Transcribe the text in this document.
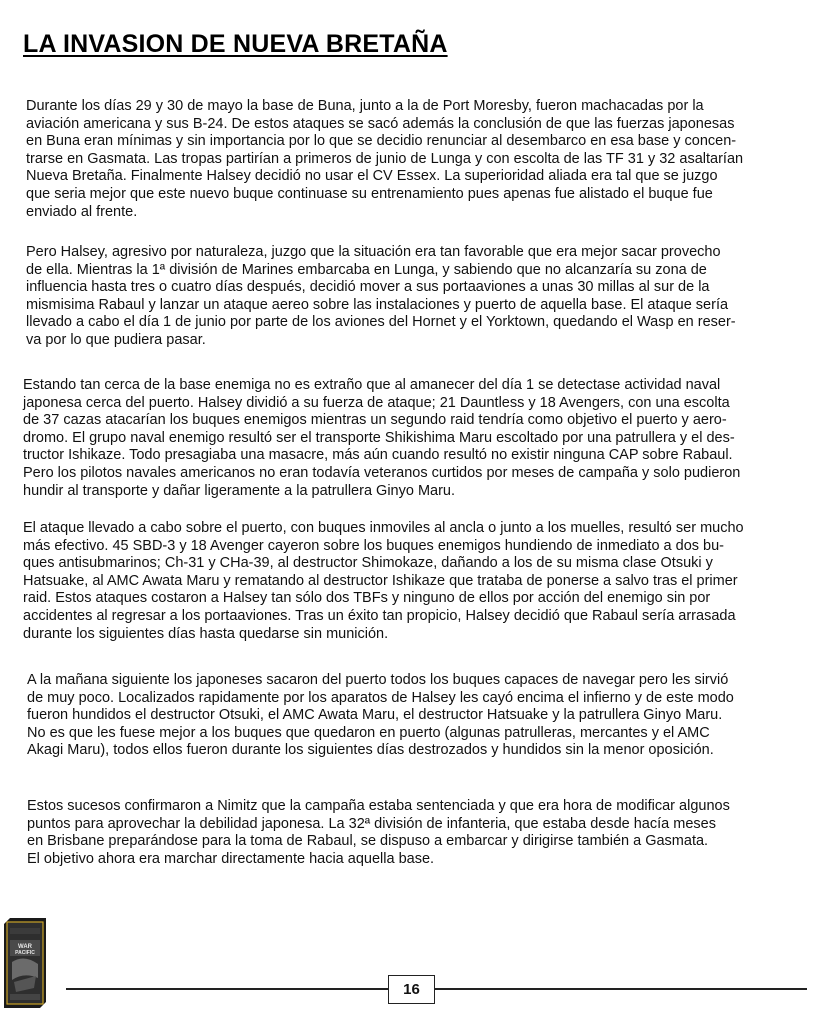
LA INVASION DE NUEVA BRETAÑA

Durante los días 29 y 30 de mayo la base de Buna, junto a la de Port Moresby, fueron machacadas por la
aviación americana y sus B-24. De estos ataques se sacó además la conclusión de que las fuerzas japonesas
en Buna eran mínimas y sin importancia por lo que se decidio renunciar al desembarco en esa base y concen-
trarse en Gasmata. Las tropas partirían a primeros de junio de Lunga y con escolta de las TF 31 y 32 asaltarían
Nueva Bretaña. Finalmente Halsey decidió no usar el CV Essex. La superioridad aliada era tal que se juzgo
que seria mejor que este nuevo buque continuase su entrenamiento pues apenas fue alistado el buque fue
enviado al frente.

Pero Halsey, agresivo por naturaleza, juzgo que la situación era tan favorable que era mejor sacar provecho
de ella. Mientras la 1ª división de Marines embarcaba en Lunga, y sabiendo que no alcanzaría su zona de
influencia hasta tres o cuatro días después, decidió mover a sus portaaviones a unas 30 millas al sur de la
mismisima Rabaul y lanzar un ataque aereo sobre las instalaciones y puerto de aquella base. El ataque sería
llevado a cabo el día 1 de junio por parte de los aviones del Hornet y el Yorktown, quedando el Wasp en reser-
va por lo que pudiera pasar.

Estando tan cerca de la base enemiga no es extraño que al amanecer del día 1 se detectase actividad naval
japonesa cerca del puerto. Halsey dividió a su fuerza de ataque; 21 Dauntless y 18 Avengers, con una escolta
de 37 cazas atacarían los buques enemigos mientras un segundo raid tendría como objetivo el puerto y aero-
dromo. El grupo naval enemigo resultó ser el transporte Shikishima Maru escoltado por una patrullera y el des-
tructor Ishikaze. Todo presagiaba una masacre, más aún cuando resultó no existir ninguna CAP sobre Rabaul.
Pero los pilotos navales americanos no eran todavía veteranos curtidos por meses de campaña y solo pudieron
hundir al transporte y dañar ligeramente a la patrullera Ginyo Maru.

El ataque llevado a cabo sobre el puerto, con buques inmoviles al ancla o junto a los muelles, resultó ser mucho
más efectivo. 45 SBD-3 y 18 Avenger cayeron sobre los buques enemigos hundiendo de inmediato a dos bu-
ques antisubmarinos; Ch-31 y CHa-39, al destructor Shimokaze, dañando a los de su misma clase Otsuki y
Hatsuake, al AMC Awata Maru y rematando al destructor Ishikaze que trataba de ponerse a salvo tras el primer
raid. Estos ataques costaron a Halsey tan sólo dos TBFs y ninguno de ellos por acción del enemigo sin por
accidentes al regresar a los portaaviones. Tras un éxito tan propicio, Halsey decidió que Rabaul sería arrasada
durante los siguientes días hasta quedarse sin munición.

A la mañana siguiente los japoneses sacaron del puerto todos los buques capaces de navegar pero les sirvió
de muy poco. Localizados rapidamente por los aparatos de Halsey les cayó encima el infierno y de este modo
fueron hundidos el destructor Otsuki, el AMC Awata Maru, el destructor Hatsuake y la patrullera Ginyo Maru.
No es que les fuese mejor a los buques que quedaron en puerto (algunas patrulleras, mercantes y el AMC
Akagi Maru), todos ellos fueron durante los siguientes días destrozados y hundidos sin la menor oposición.

Estos sucesos confirmaron a Nimitz que la campaña estaba sentenciada y que era hora de modificar algunos
puntos para aprovechar la debilidad japonesa. La 32ª división de infanteria, que estaba desde hacía meses
en Brisbane preparándose para la toma de Rabaul, se dispuso a embarcar y dirigirse también a Gasmata.
El objetivo ahora era marchar directamente hacia aquella base.

WAR
PACIFIC
16
